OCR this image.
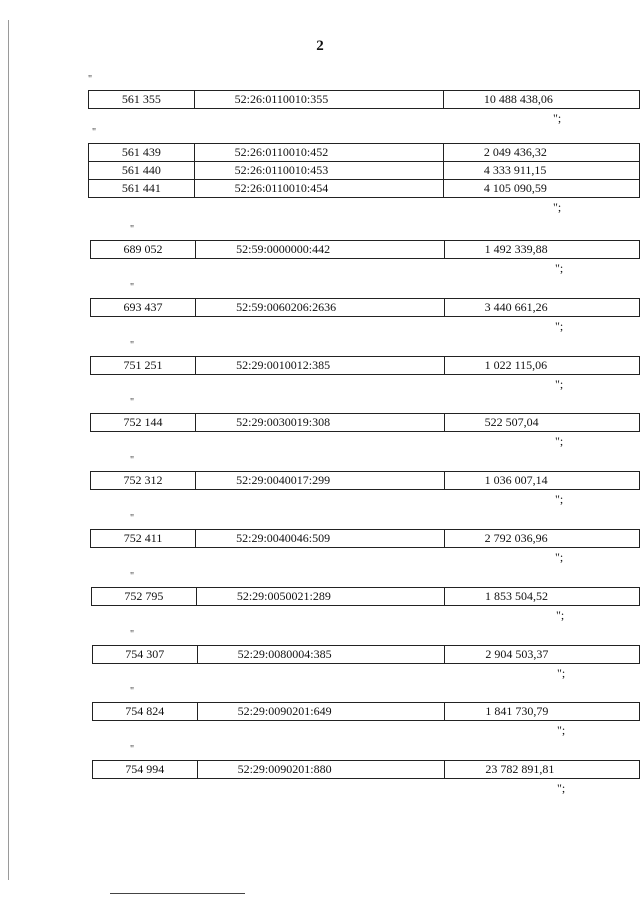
2
"
561 355	52:26:0110010:355	10 488 438,06
";
"
561 439	52:26:0110010:452	2 049 436,32
561 440	52:26:0110010:453	4 333 911,15
561 441	52:26:0110010:454	4 105 090,59
";
"
689 052	52:59:0000000:442	1 492 339,88
";
"
693 437	52:59:0060206:2636	3 440 661,26
";
"
751 251	52:29:0010012:385	1 022 115,06
";
"
752 144	52:29:0030019:308	522 507,04
";
"
752 312	52:29:0040017:299	1 036 007,14
";
"
752 411	52:29:0040046:509	2 792 036,96
";
"
752 795	52:29:0050021:289	1 853 504,52
";
"
754 307	52:29:0080004:385	2 904 503,37
";
"
754 824	52:29:0090201:649	1 841 730,79
";
"
754 994	52:29:0090201:880	23 782 891,81
";
